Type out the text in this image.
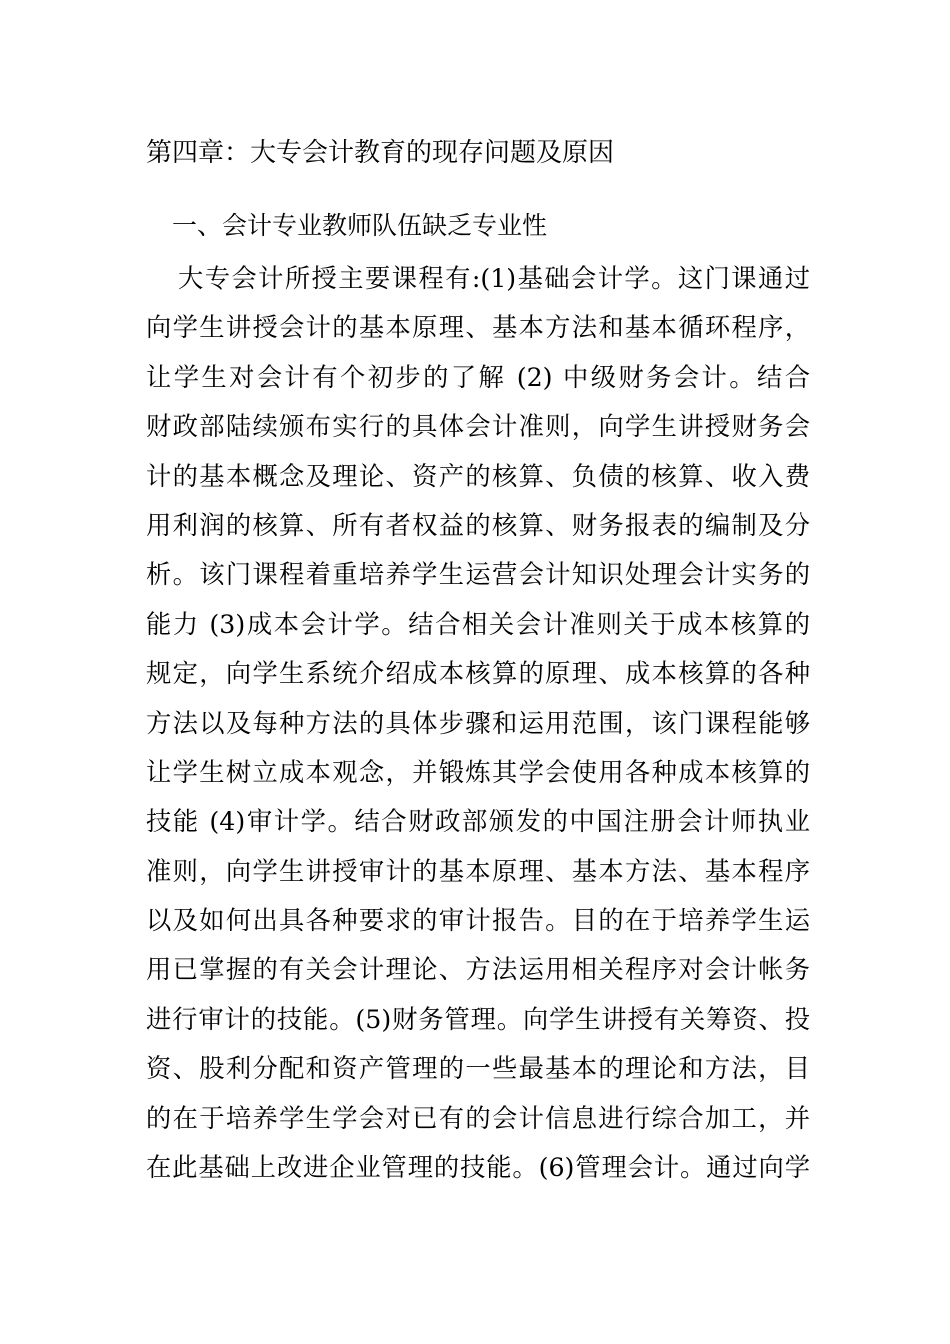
第四章：大专会计教育的现存问题及原因
一、会计专业教师队伍缺乏专业性
大专会计所授主要课程有:(1)基础会计学。这门课通过
向学生讲授会计的基本原理、基本方法和基本循环程序，
让学生对会计有个初步的了解 (2) 中级财务会计。结合
财政部陆续颁布实行的具体会计准则，向学生讲授财务会
计的基本概念及理论、资产的核算、负债的核算、收入费
用利润的核算、所有者权益的核算、财务报表的编制及分
析。该门课程着重培养学生运营会计知识处理会计实务的
能力 (3)成本会计学。结合相关会计准则关于成本核算的
规定，向学生系统介绍成本核算的原理、成本核算的各种
方法以及每种方法的具体步骤和运用范围，该门课程能够
让学生树立成本观念，并锻炼其学会使用各种成本核算的
技能 (4)审计学。结合财政部颁发的中国注册会计师执业
准则，向学生讲授审计的基本原理、基本方法、基本程序
以及如何出具各种要求的审计报告。目的在于培养学生运
用已掌握的有关会计理论、方法运用相关程序对会计帐务
进行审计的技能。(5)财务管理。向学生讲授有关筹资、投
资、股利分配和资产管理的一些最基本的理论和方法，目
的在于培养学生学会对已有的会计信息进行综合加工，并
在此基础上改进企业管理的技能。(6)管理会计。通过向学
